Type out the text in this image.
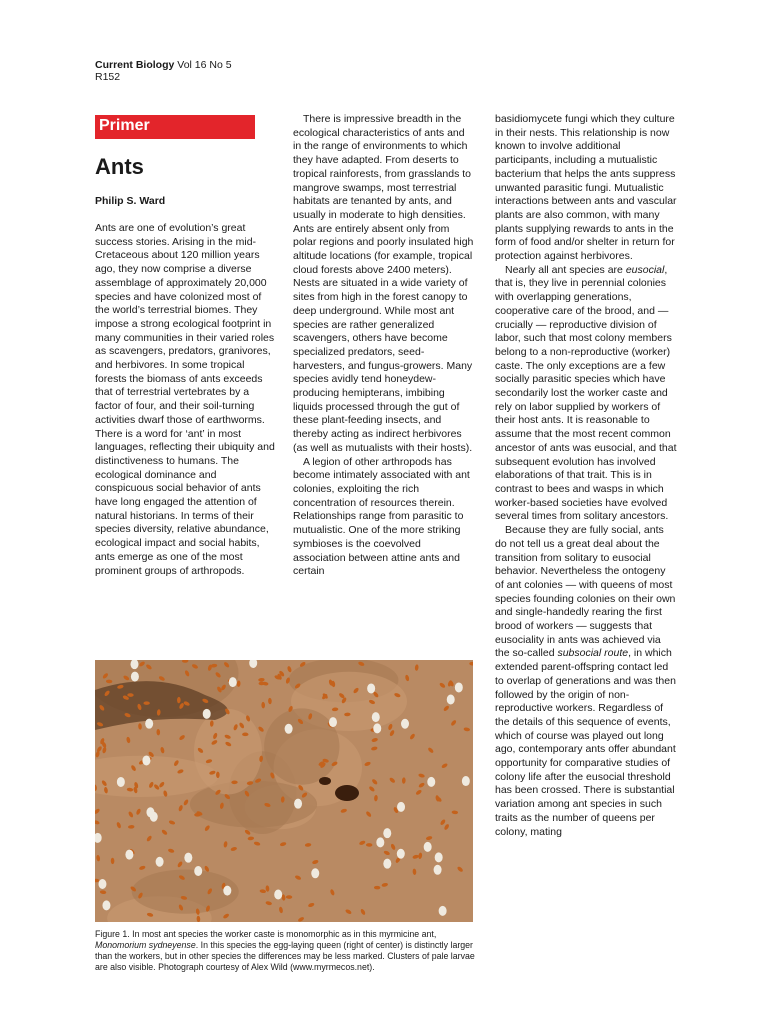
Current Biology Vol 16 No 5
R152
Primer
Ants
Philip S. Ward

Ants are one of evolution’s great success stories. Arising in the mid-Cretaceous about 120 million years ago, they now comprise a diverse assemblage of approximately 20,000 species and have colonized most of the world’s terrestrial biomes. They impose a strong ecological footprint in many communities in their varied roles as scavengers, predators, granivores, and herbivores. In some tropical forests the biomass of ants exceeds that of terrestrial vertebrates by a factor of four, and their soil-turning activities dwarf those of earthworms. There is a word for ‘ant’ in most languages, reflecting their ubiquity and distinctiveness to humans. The ecological dominance and conspicuous social behavior of ants have long engaged the attention of natural historians. In terms of their species diversity, relative abundance, ecological impact and social habits, ants emerge as one of the most prominent groups of arthropods.

There is impressive breadth in the ecological characteristics of ants and in the range of environments to which they have adapted. From deserts to tropical rainforests, from grasslands to mangrove swamps, most terrestrial habitats are tenanted by ants, and usually in moderate to high densities. Ants are entirely absent only from polar regions and poorly insulated high altitude locations (for example, tropical cloud forests above 2400 meters). Nests are situated in a wide variety of sites from high in the forest canopy to deep underground. While most ant species are rather generalized scavengers, others have become specialized predators, seed-harvesters, and fungus-growers. Many species avidly tend honeydew-producing hemipterans, imbibing liquids processed through the gut of these plant-feeding insects, and thereby acting as indirect herbivores (as well as mutualists with their hosts).

A legion of other arthropods has become intimately associated with ant colonies, exploiting the rich concentration of resources therein. Relationships range from parasitic to mutualistic. One of the more striking symbioses is the coevolved association between attine ants and certain

basidiomycete fungi which they culture in their nests. This relationship is now known to involve additional participants, including a mutualistic bacterium that helps the ants suppress unwanted parasitic fungi. Mutualistic interactions between ants and vascular plants are also common, with many plants supplying rewards to ants in the form of food and/or shelter in return for protection against herbivores.

Nearly all ant species are eusocial, that is, they live in perennial colonies with overlapping generations, cooperative care of the brood, and — crucially — reproductive division of labor, such that most colony members belong to a non-reproductive (worker) caste. The only exceptions are a few socially parasitic species which have secondarily lost the worker caste and rely on labor supplied by workers of their host ants. It is reasonable to assume that the most recent common ancestor of ants was eusocial, and that subsequent evolution has involved elaborations of that trait. This is in contrast to bees and wasps in which worker-based societies have evolved several times from solitary ancestors.

Because they are fully social, ants do not tell us a great deal about the transition from solitary to eusocial behavior. Nevertheless the ontogeny of ant colonies — with queens of most species founding colonies on their own and single-handedly rearing the first brood of workers — suggests that eusociality in ants was achieved via the so-called subsocial route, in which extended parent-offspring contact led to overlap of generations and was then followed by the origin of non-reproductive workers. Regardless of the details of this sequence of events, which of course was played out long ago, contemporary ants offer abundant opportunity for comparative studies of colony life after the eusocial threshold has been crossed. There is substantial variation among ant species in such traits as the number of queens per colony, mating

Figure 1. In most ant species the worker caste is monomorphic as in this myrmicine ant, Monomorium sydneyense. In this species the egg-laying queen (right of center) is distinctly larger than the workers, but in other species the differences may be less marked. Clusters of pale larvae are also visible. Photograph courtesy of Alex Wild (www.myrmecos.net).
